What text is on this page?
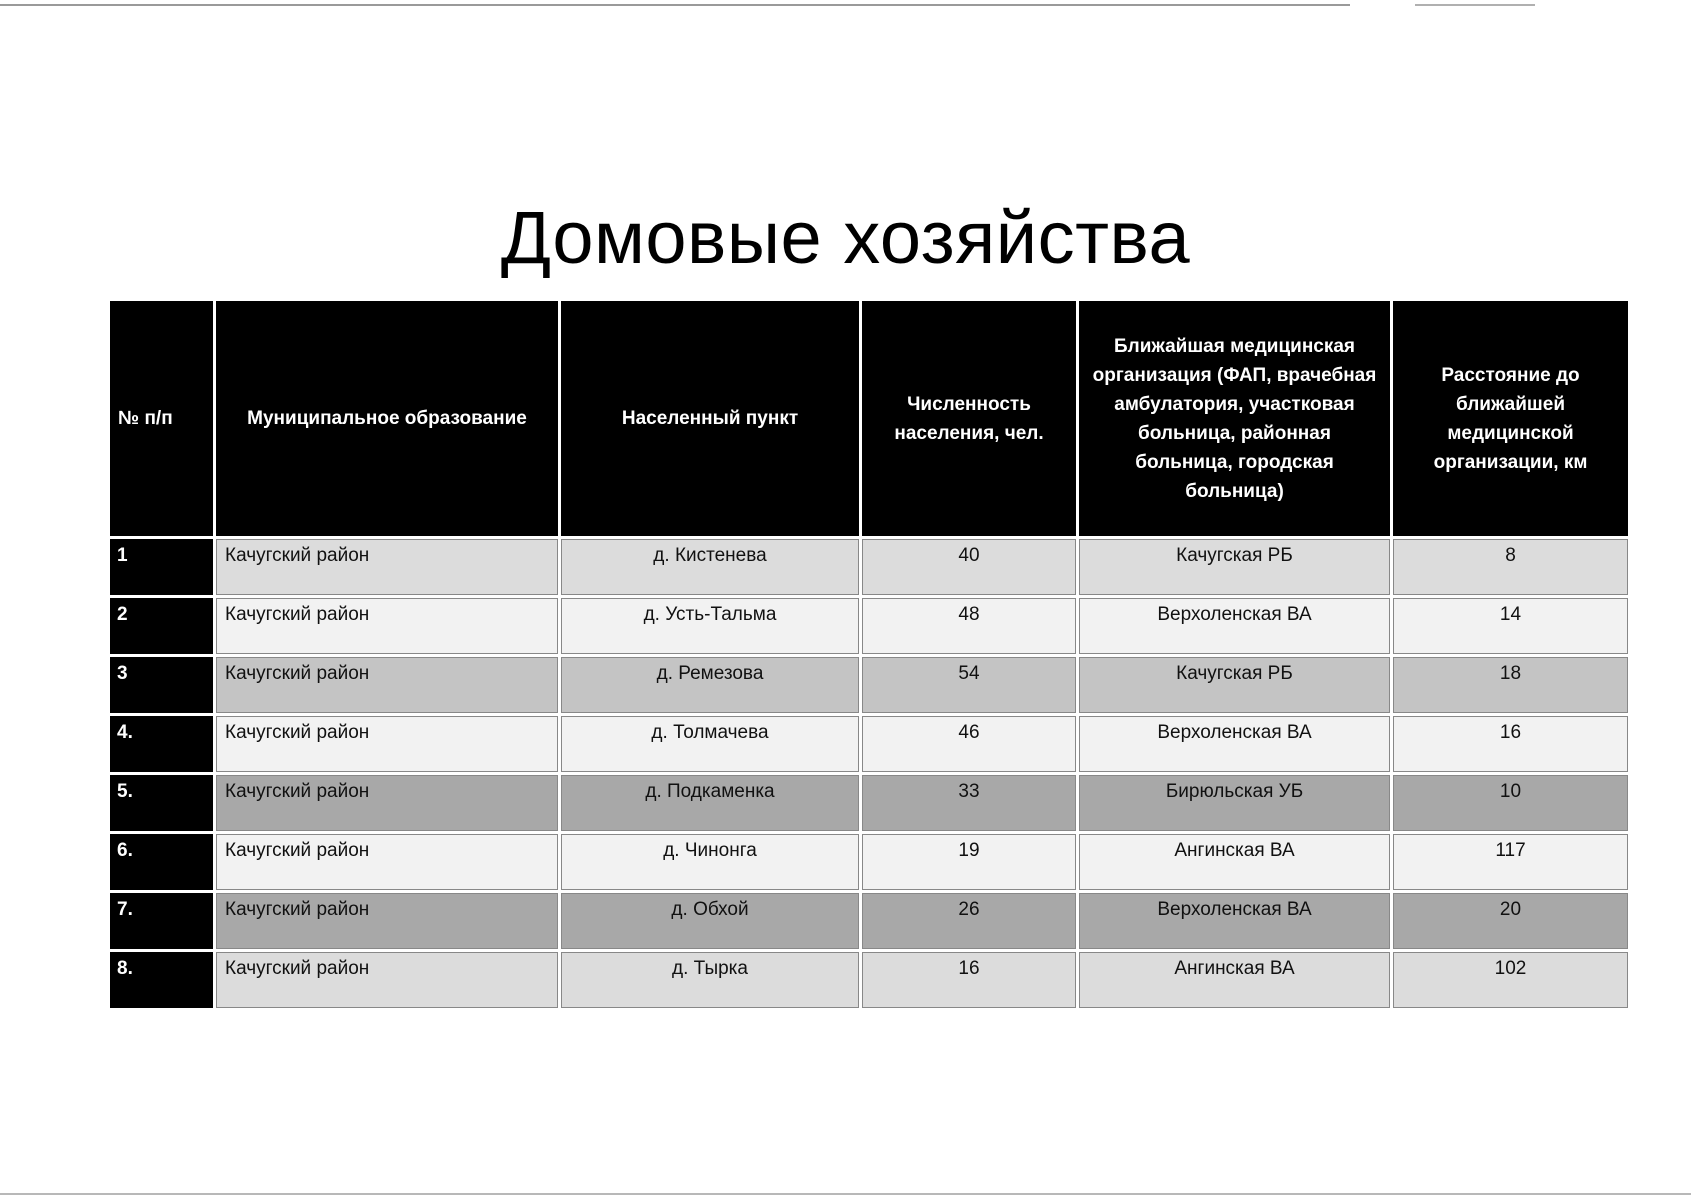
Домовые хозяйства
№ п/п	Муниципальное образование	Населенный пункт	Численность населения, чел.	Ближайшая медицинская организация (ФАП, врачебная амбулатория, участковая больница, районная больница, городская больница)	Расстояние до ближайшей медицинской организации, км
1	Качугский район	д. Кистенева	40	Качугская РБ	8
2	Качугский район	д. Усть-Тальма	48	Верхоленская ВА	14
3	Качугский район	д. Ремезова	54	Качугская РБ	18
4.	Качугский район	д. Толмачева	46	Верхоленская ВА	16
5.	Качугский район	д. Подкаменка	33	Бирюльская УБ	10
6.	Качугский район	д. Чинонга	19	Ангинская ВА	117
7.	Качугский район	д. Обхой	26	Верхоленская ВА	20
8.	Качугский район	д. Тырка	16	Ангинская ВА	102
